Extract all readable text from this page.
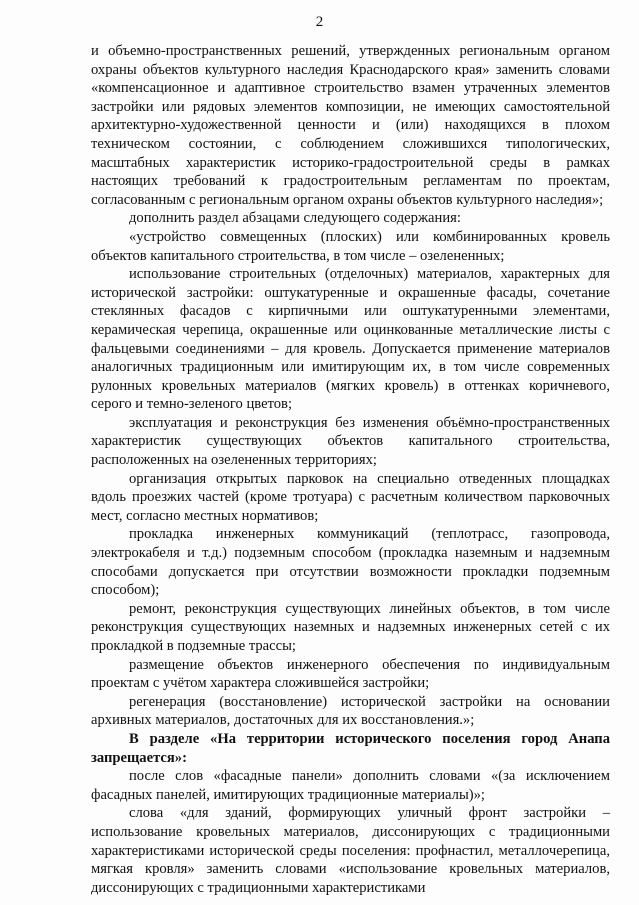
2

и объемно-пространственных решений, утвержденных региональным органом охраны объектов культурного наследия Краснодарского края» заменить словами «компенсационное и адаптивное строительство взамен утраченных элементов застройки или рядовых элементов композиции, не имеющих самостоятельной архитектурно-художественной ценности и (или) находящихся в плохом техническом состоянии, с соблюдением сложившихся типологических, масштабных характеристик историко-градостроительной среды в рамках настоящих требований к градостроительным регламентам по проектам, согласованным с региональным органом охраны объектов культурного наследия»;

дополнить раздел абзацами следующего содержания:

«устройство совмещенных (плоских) или комбинированных кровель объектов капитального строительства, в том числе – озелененных;

использование строительных (отделочных) материалов, характерных для исторической застройки: оштукатуренные и окрашенные фасады, сочетание стеклянных фасадов с кирпичными или оштукатуренными элементами, керамическая черепица, окрашенные или оцинкованные металлические листы с фальцевыми соединениями – для кровель. Допускается применение материалов аналогичных традиционным или имитирующим их, в том числе современных рулонных кровельных материалов (мягких кровель) в оттенках коричневого, серого и темно-зеленого цветов;

эксплуатация и реконструкция без изменения объёмно-пространственных характеристик существующих объектов капитального строительства, расположенных на озелененных территориях;

организация открытых парковок на специально отведенных площадках вдоль проезжих частей (кроме тротуара) с расчетным количеством парковочных мест, согласно местных нормативов;

прокладка инженерных коммуникаций (теплотрасс, газопровода, электрокабеля и т.д.) подземным способом (прокладка наземным и надземным способами допускается при отсутствии возможности прокладки подземным способом);

ремонт, реконструкция существующих линейных объектов, в том числе реконструкция существующих наземных и надземных инженерных сетей с их прокладкой в подземные трассы;

размещение объектов инженерного обеспечения по индивидуальным проектам с учётом характера сложившейся застройки;

регенерация (восстановление) исторической застройки на основании архивных материалов, достаточных для их восстановления.»;

В разделе «На территории исторического поселения город Анапа запрещается»:

после слов «фасадные панели» дополнить словами «(за исключением фасадных панелей, имитирующих традиционные материалы)»;

слова «для зданий, формирующих уличный фронт застройки – использование кровельных материалов, диссонирующих с традиционными характеристиками исторической среды поселения: профнастил, металлочерепица, мягкая кровля» заменить словами «использование кровельных материалов, диссонирующих с традиционными характеристиками
